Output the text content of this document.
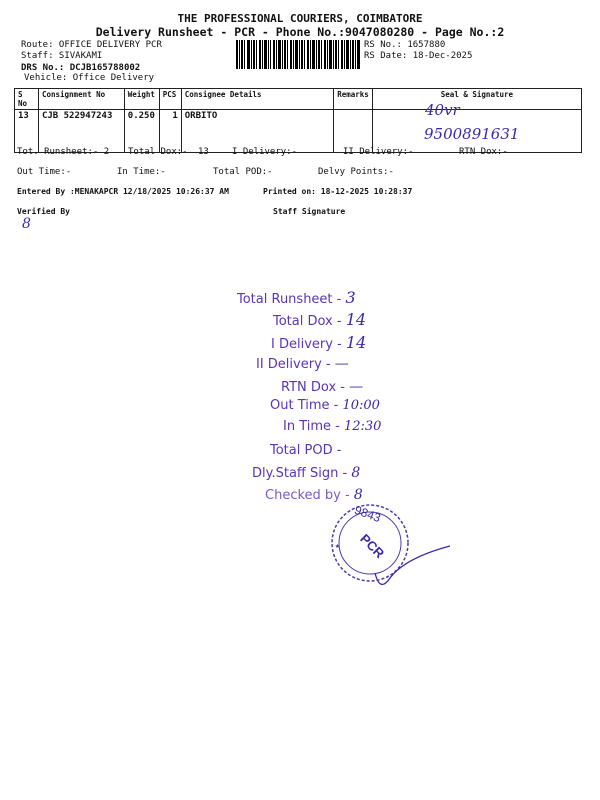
THE PROFESSIONAL COURIERS, COIMBATORE
Delivery Runsheet - PCR - Phone No.:9047080280 - Page No.:2
Route: OFFICE DELIVERY PCR
Staff: SIVAKAMI
DRS No.: DCJB165788002
Vehicle: Office Delivery
RS No.: 1657880
RS Date: 18-Dec-2025
S No	Consignment No	Weight	PCS	Consignee Details	Remarks	Seal & Signature
13	CJB 522947243	0.250	1	ORBITO			40vr
9500891631
Tot. Runsheet:- 2 Total Dox:- 13	I Delivery:-	II Delivery:-	RTN Dox:-
Out Time:-	In Time:-	Total POD:-	Delvy Points:-
Entered By :MENAKAPCR 12/18/2025 10:26:37 AM	Printed on: 18-12-2025 10:28:37
Verified By	Staff Signature
8
Total Runsheet - 3
Total Dox - 14
I Delivery - 14
II Delivery - —
RTN Dox - —
Out Time - 10:00
In Time - 12:30
Total POD -
Dly.Staff Sign - 8
Checked by - 8
9843
PCR
★
